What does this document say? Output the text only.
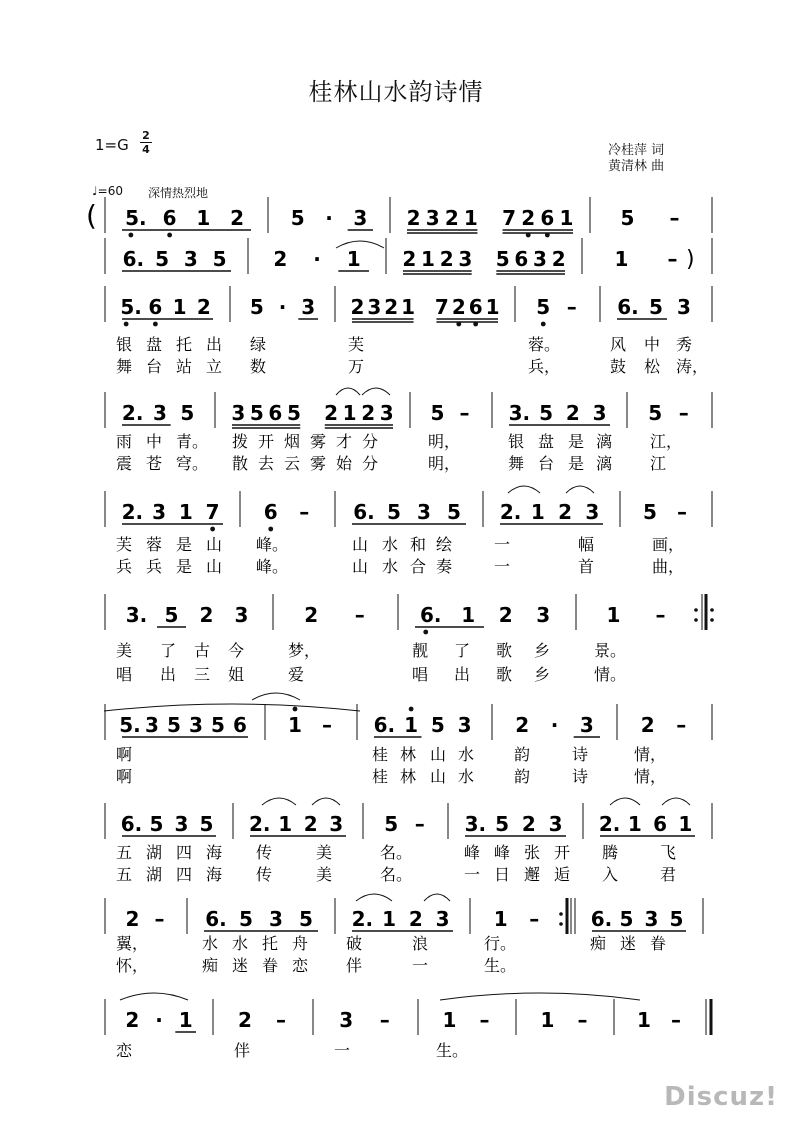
桂林山水韵诗情
1=G
2
4	冷桂萍 词
黄清林 曲
♩=60 深情热烈地
( 5. 6 1 2 5 · 3 2 3 2 1 7 2 6 1 5 –
6. 5 3 5 2 · 1 2 1 2 3 5 6 3 2 1 – )
5. 6 1 2 5 · 3 2 3 2 1 7 2 6 1 5 – 6. 5 3
银 盘 托 出 绿	芙	蓉。	风 中 秀
舞 台 站 立 数	万	兵，	鼓 松 涛，
2. 3 5 3 5 6 5 2 1 2 3 5 – 3. 5 2 3 5 –
雨 中 青。 拨 开 烟 雾 才 分	明，	银 盘 是 漓 江，
震 苍 穹。 散 去 云 雾 始 分	明，	舞 台 是 漓 江
2. 3 1 7 6 – 6. 5 3 5 2. 1 2 3 5 –
芙 蓉 是 山 峰。	山 水 和 绘	一	幅	画，
兵 兵 是 山 峰。	山 水 合 奏	一	首	曲，
3. 5 2 3	2 –	6. 1 2 3	1 –
美 了 古 今	梦，	靓 了 歌 乡	景。
唱 出 三 姐	爱	唱 出 歌 乡	情。
5. 3 5 3 5 6 1 – 6. 1 5 3 2 · 3 2 –
啊	桂 林 山 水 韵	诗	情，
啊	桂 林 山 水 韵	诗	情，
6. 5 3 5 2. 1 2 3 5 – 3. 5 2 3 2. 1 6 1
五 湖 四 海 传	美	名。	峰 峰 张 开 腾	飞
五 湖 四 海 传	美	名。	一 日 邂 逅 入	君
2 – 6. 5 3 5 2. 1 2 3 1 –	6. 5 3 5
翼，	水 水 托 舟 破	浪	行。	痴 迷 眷
怀，	痴 迷 眷 恋 伴	一	生。
2 · 1 2 –	3 –	1 –	1 – 1 –
恋	伴	一	生。
Discuz!
